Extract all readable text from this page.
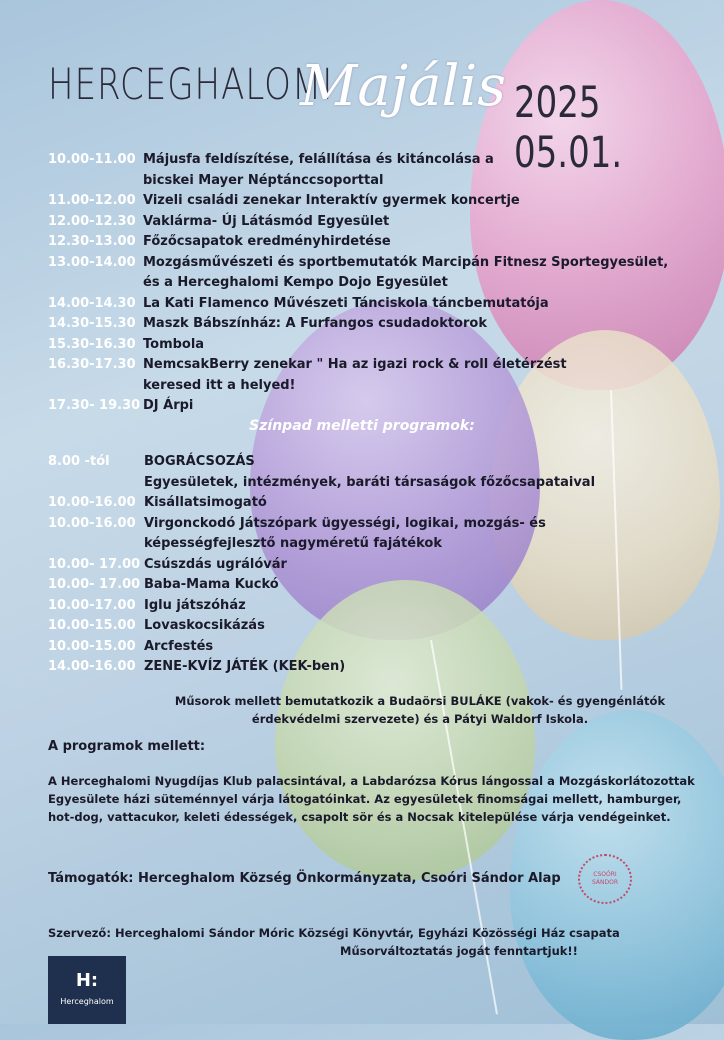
HERCEGHALOMI
Majális 2025 05.01.
10.00-11.00 Májusfa feldíszítése, felállítása és kitáncolása a
bicskei Mayer Néptánccsoporttal
11.00-12.00 Vizeli családi zenekar Interaktív gyermek koncertje
12.00-12.30 Vaklárma- Új Látásmód Egyesület
12.30-13.00 Főzőcsapatok eredményhirdetése
13.00-14.00 Mozgásművészeti és sportbemutatók Marcipán Fitnesz Sportegyesület,
és a Herceghalomi Kempo Dojo Egyesület
14.00-14.30 La Kati Flamenco Művészeti Tánciskola táncbemutatója
14.30-15.30 Maszk Bábszínház: A Furfangos csudadoktorok
15.30-16.30 Tombola
16.30-17.30 NemcsakBerry zenekar " Ha az igazi rock & roll életérzést
keresed itt a helyed!
17.30- 19.30 DJ Árpi
Színpad melletti programok:
8.00 -tól	BOGRÁCSOZÁS
Egyesületek, intézmények, baráti társaságok főzőcsapataival
10.00-16.00 Kisállatsimogató
10.00-16.00 Virgonckodó Játszópark ügyességi, logikai, mozgás- és
képességfejlesztő nagyméretű fajátékok
10.00- 17.00 Csúszdás ugrálóvár
10.00- 17.00 Baba-Mama Kuckó
10.00-17.00 Iglu játszóház
10.00-15.00 Lovaskocsikázás
10.00-15.00 Arcfestés
14.00-16.00 ZENE-KVÍZ JÁTÉK (KEK-ben)
Műsorok mellett bemutatkozik a Budaörsi BULÁKE (vakok- és gyengénlátók
érdekvédelmi szervezete) és a Pátyi Waldorf Iskola.
A programok mellett:
A Herceghalomi Nyugdíjas Klub palacsintával, a Labdarózsa Kórus lángossal a Mozgáskorlátozottak
Egyesülete házi süteménnyel várja látogatóinkat. Az egyesületek finomságai mellett, hamburger,
hot-dog, vattacukor, keleti édességek, csapolt sör és a Nocsak kitelepülése várja vendégeinket.
Támogatók: Herceghalom Község Önkormányzata, Csoóri Sándor Alap	CSOÓRI
SÁNDOR
Szervező: Herceghalomi Sándor Móric Községi Könyvtár, Egyházi Közösségi Ház csapata
Műsorváltoztatás jogát fenntartjuk!!
H:
Herceghalom
